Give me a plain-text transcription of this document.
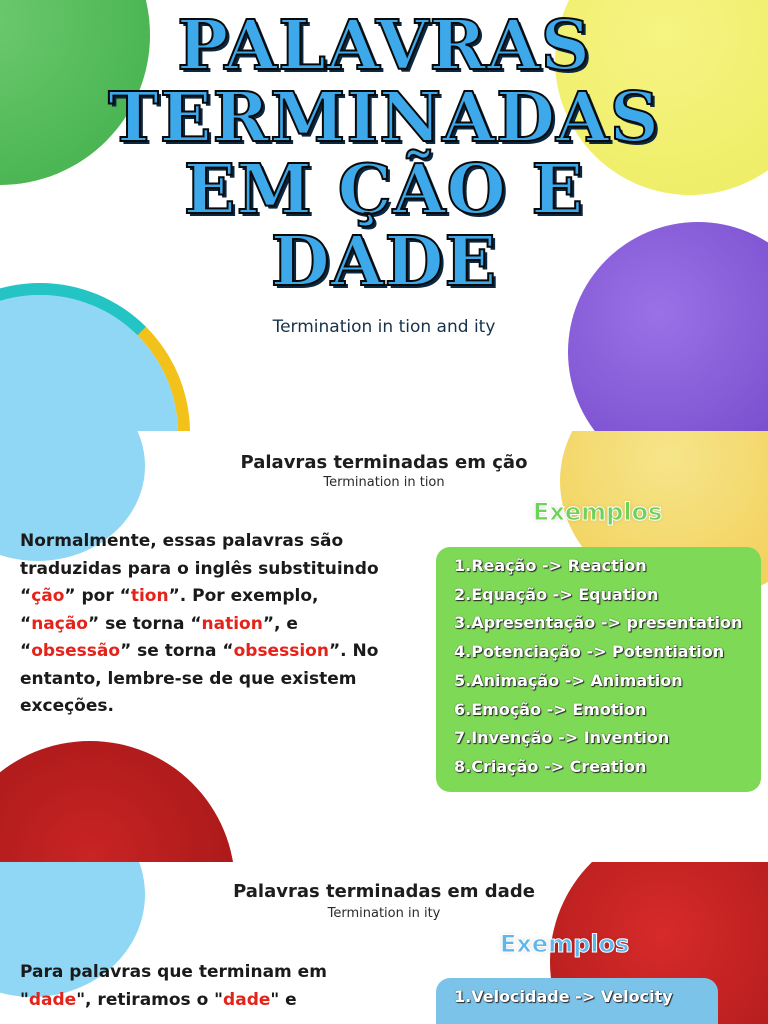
PALAVRAS TERMINADAS EM ÇÃO E DADE

Termination in tion and ity

Palavras terminadas em ção

Termination in tion

Exemplos

Normalmente, essas palavras são traduzidas para o inglês substituindo “ção” por “tion”. Por exemplo, “nação” se torna “nation”, e “obsessão” se torna “obsession”. No entanto, lembre-se de que existem exceções.

1.Reação -> Reaction
2.Equação -> Equation
3.Apresentação -> presentation
4.Potenciação -> Potentiation
5.Animação -> Animation
6.Emoção -> Emotion
7.Invenção -> Invention
8.Criação -> Creation
Palavras terminadas em dade

Termination in ity

Exemplos

Para palavras que terminam em "dade", retiramos o "dade" e	1.Velocidade -> Velocity
